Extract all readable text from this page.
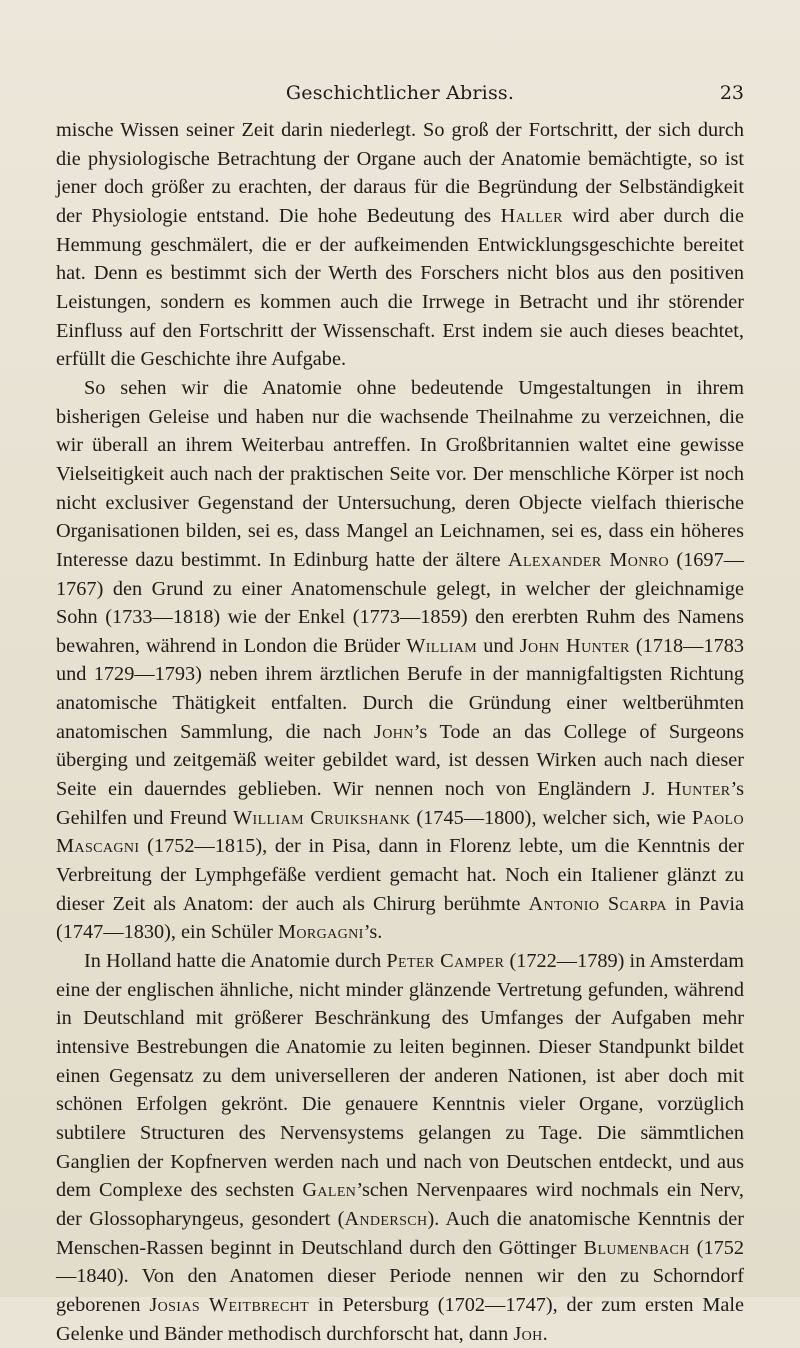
Geschichtlicher Abriss.	23

mische Wissen seiner Zeit darin niederlegt. So groß der Fortschritt, der sich durch die physiologische Betrachtung der Organe auch der Anatomie bemächtigte, so ist jener doch größer zu erachten, der daraus für die Begründung der Selbständigkeit der Physiologie entstand. Die hohe Bedeutung des Haller wird aber durch die Hemmung geschmälert, die er der aufkeimenden Entwicklungsgeschichte bereitet hat. Denn es bestimmt sich der Werth des Forschers nicht blos aus den positiven Leistungen, sondern es kommen auch die Irrwege in Betracht und ihr störender Einfluss auf den Fortschritt der Wissenschaft. Erst indem sie auch dieses beachtet, erfüllt die Geschichte ihre Aufgabe.

So sehen wir die Anatomie ohne bedeutende Umgestaltungen in ihrem bisherigen Geleise und haben nur die wachsende Theilnahme zu verzeichnen, die wir überall an ihrem Weiterbau antreffen. In Großbritannien waltet eine gewisse Vielseitigkeit auch nach der praktischen Seite vor. Der menschliche Körper ist noch nicht exclusiver Gegenstand der Untersuchung, deren Objecte vielfach thierische Organisationen bilden, sei es, dass Mangel an Leichnamen, sei es, dass ein höheres Interesse dazu bestimmt. In Edinburg hatte der ältere Alexander Monro (1697—1767) den Grund zu einer Anatomenschule gelegt, in welcher der gleichnamige Sohn (1733—1818) wie der Enkel (1773—1859) den ererbten Ruhm des Namens bewahren, während in London die Brüder William und John Hunter (1718—1783 und 1729—1793) neben ihrem ärztlichen Berufe in der mannigfaltigsten Richtung anatomische Thätigkeit entfalten. Durch die Gründung einer weltberühmten anatomischen Sammlung, die nach John’s Tode an das College of Surgeons überging und zeitgemäß weiter gebildet ward, ist dessen Wirken auch nach dieser Seite ein dauerndes geblieben. Wir nennen noch von Engländern J. Hunter’s Gehilfen und Freund William Cruikshank (1745—1800), welcher sich, wie Paolo Mascagni (1752—1815), der in Pisa, dann in Florenz lebte, um die Kenntnis der Verbreitung der Lymphgefäße verdient gemacht hat. Noch ein Italiener glänzt zu dieser Zeit als Anatom: der auch als Chirurg berühmte Antonio Scarpa in Pavia (1747—1830), ein Schüler Morgagni’s.

In Holland hatte die Anatomie durch Peter Camper (1722—1789) in Amsterdam eine der englischen ähnliche, nicht minder glänzende Vertretung gefunden, während in Deutschland mit größerer Beschränkung des Umfanges der Aufgaben mehr intensive Bestrebungen die Anatomie zu leiten beginnen. Dieser Standpunkt bildet einen Gegensatz zu dem universelleren der anderen Nationen, ist aber doch mit schönen Erfolgen gekrönt. Die genauere Kenntnis vieler Organe, vorzüglich subtilere Structuren des Nervensystems gelangen zu Tage. Die sämmtlichen Ganglien der Kopfnerven werden nach und nach von Deutschen entdeckt, und aus dem Complexe des sechsten Galen’schen Nervenpaares wird nochmals ein Nerv, der Glossopharyngeus, gesondert (Andersch). Auch die anatomische Kenntnis der Menschen-Rassen beginnt in Deutschland durch den Göttinger Blumenbach (1752—1840). Von den Anatomen dieser Periode nennen wir den zu Schorndorf geborenen Josias Weitbrecht in Petersburg (1702—1747), der zum ersten Male Gelenke und Bänder methodisch durchforscht hat, dann Joh.
